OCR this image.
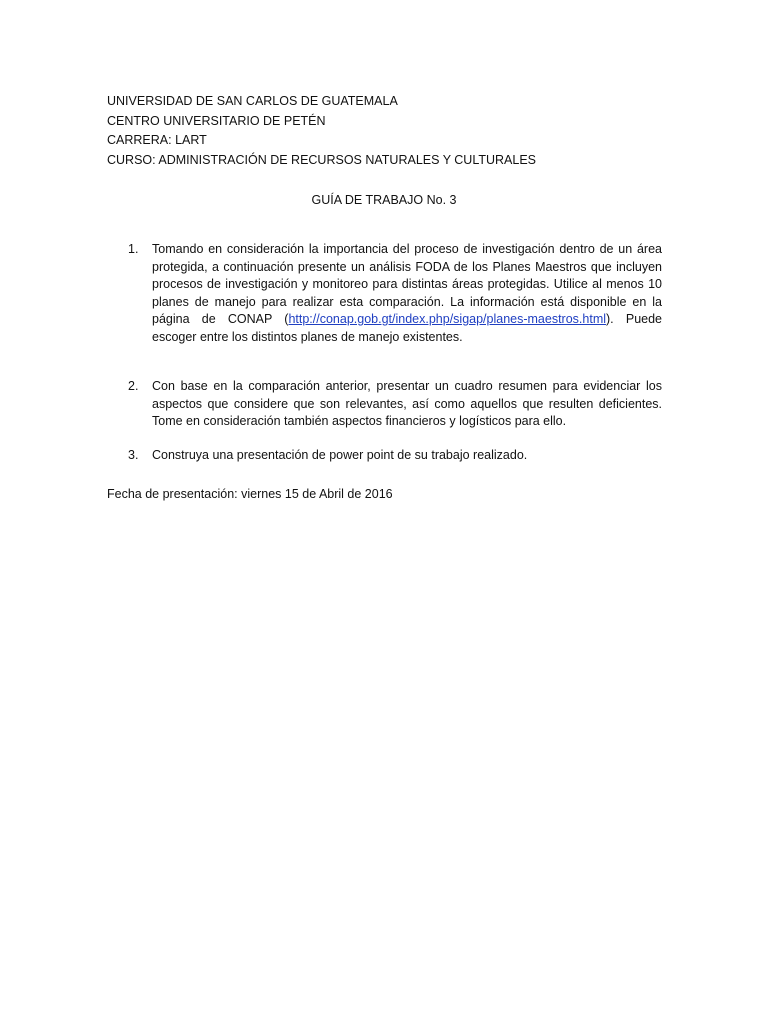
UNIVERSIDAD DE SAN CARLOS DE GUATEMALA
CENTRO UNIVERSITARIO DE PETÉN
CARRERA: LART
CURSO: ADMINISTRACIÓN DE RECURSOS NATURALES Y CULTURALES
GUÍA DE TRABAJO No. 3
1. Tomando en consideración la importancia del proceso de investigación dentro de un área protegida, a continuación presente un análisis FODA de los Planes Maestros que incluyen procesos de investigación y monitoreo para distintas áreas protegidas. Utilice al menos 10 planes de manejo para realizar esta comparación. La información está disponible en la página de CONAP (http://conap.gob.gt/index.php/sigap/planes-maestros.html). Puede escoger entre los distintos planes de manejo existentes.
2. Con base en la comparación anterior, presentar un cuadro resumen para evidenciar los aspectos que considere que son relevantes, así como aquellos que resulten deficientes. Tome en consideración también aspectos financieros y logísticos para ello.
3. Construya una presentación de power point de su trabajo realizado.
Fecha de presentación: viernes 15 de Abril de 2016
